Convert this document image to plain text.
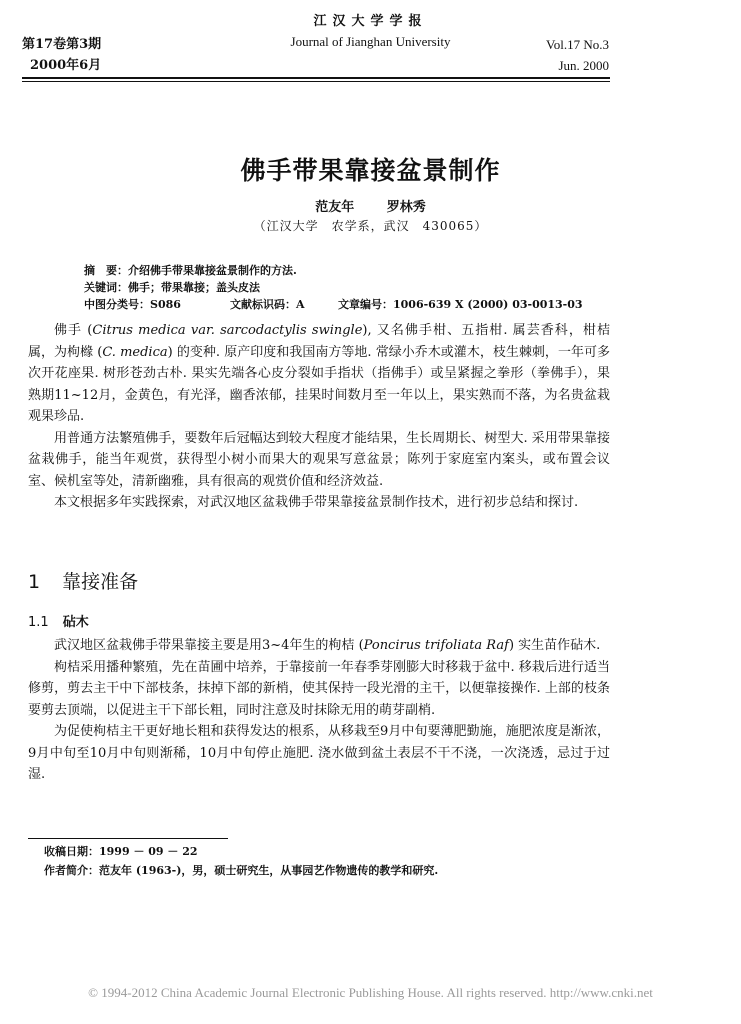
江汉大学学报
第17卷第3期
2000年6月
Journal of Jianghan University	Vol.17 No.3
Jun. 2000
佛手带果靠接盆景制作
范友年	罗林秀
（江汉大学　农学系，武汉　430065）
摘　要：介绍佛手带果靠接盆景制作的方法.
关键词：佛手；带果靠接；盖头皮法
中图分类号：S086	文献标识码：A	文章编号：1006-639 X (2000) 03-0013-03

佛手 (Citrus medica var. sarcodactylis swingle), 又名佛手柑、五指柑. 属芸香科，柑桔属，为枸橼 (C. medica) 的变种. 原产印度和我国南方等地. 常绿小乔木或灌木，枝生棘刺，一年可多次开花座果. 树形苍劲古朴. 果实先端各心皮分裂如手指状（指佛手）或呈紧握之拳形（拳佛手），果熟期11~12月，金黄色，有光泽，幽香浓郁，挂果时间数月至一年以上，果实熟而不落，为名贵盆栽观果珍品.

用普通方法繁殖佛手，要数年后冠幅达到较大程度才能结果，生长周期长、树型大. 采用带果靠接盆栽佛手，能当年观赏，获得型小树小而果大的观果写意盆景；陈列于家庭室内案头，或布置会议室、候机室等处，清新幽雅，具有很高的观赏价值和经济效益.

本文根据多年实践探索，对武汉地区盆栽佛手带果靠接盆景制作技术，进行初步总结和探讨.

1 靠接准备
1.1 砧木

武汉地区盆栽佛手带果靠接主要是用3~4年生的枸桔 (Poncirus trifoliata Raf) 实生苗作砧木.

枸桔采用播种繁殖，先在苗圃中培养，于靠接前一年春季芽刚膨大时移栽于盆中. 移栽后进行适当修剪，剪去主干中下部枝条，抹掉下部的新梢，使其保持一段光滑的主干，以便靠接操作. 上部的枝条要剪去顶端，以促进主干下部长粗，同时注意及时抹除无用的萌芽副梢.

为促使枸桔主干更好地长粗和获得发达的根系，从移栽至9月中旬要薄肥勤施，施肥浓度是渐浓，9月中旬至10月中旬则渐稀，10月中旬停止施肥. 浇水做到盆土表层不干不浇，一次浇透，忌过于过湿.

收稿日期：1999 － 09 － 22
作者简介：范友年 (1963-)，男，硕士研究生，从事园艺作物遗传的教学和研究.
© 1994-2012 China Academic Journal Electronic Publishing House. All rights reserved. http://www.cnki.net
